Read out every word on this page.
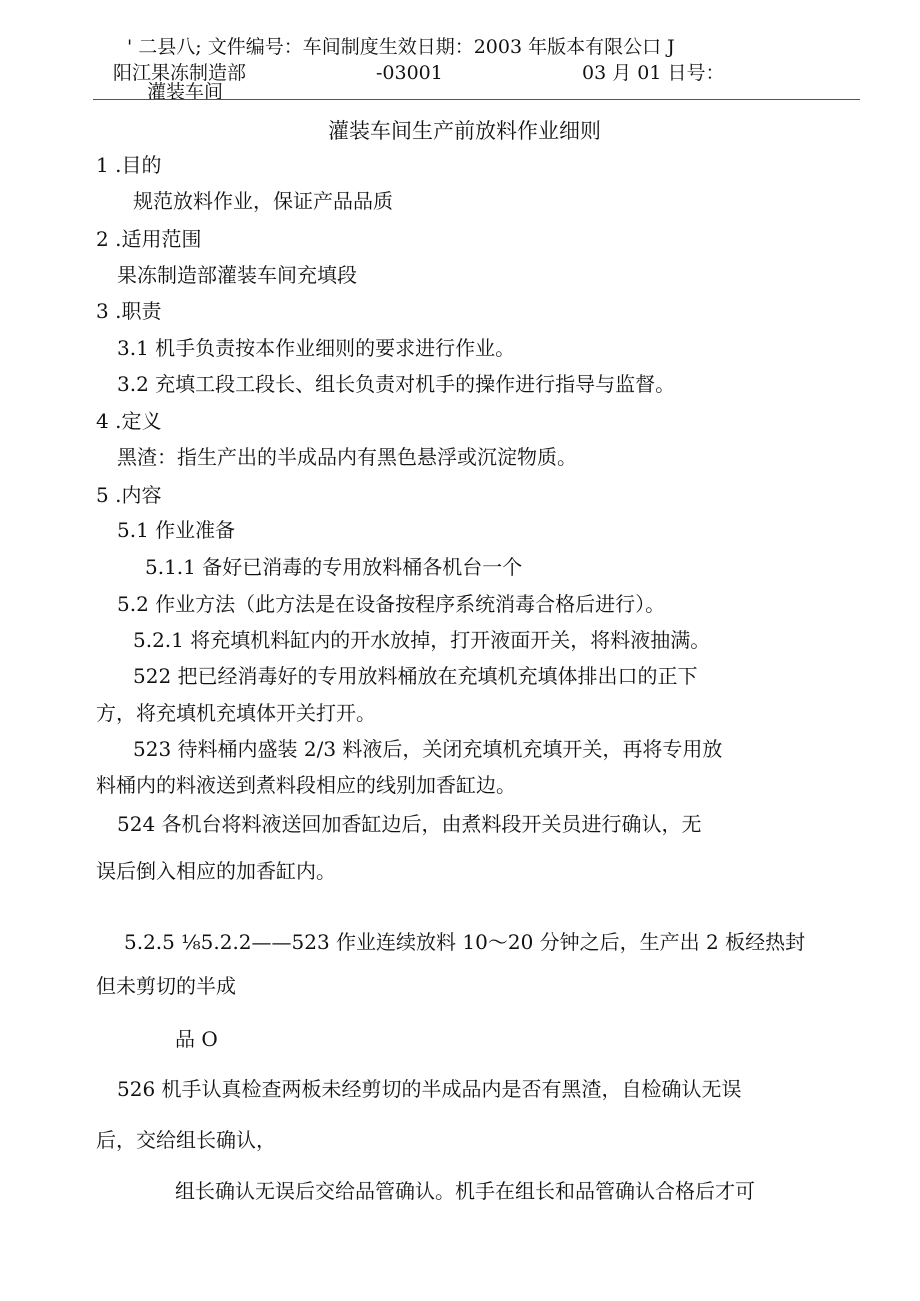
' 二县八; 文件编号：车间制度生效日期：2003 年版本有限公口 J
阳江果冻制造部	-03001	03 月 01 日号：
灌装车间
灌装车间生产前放料作业细则
1 .目的
规范放料作业，保证产品品质
2 .适用范围
果冻制造部灌装车间充填段
3 .职责
3.1 机手负责按本作业细则的要求进行作业。
3.2 充填工段工段长、组长负责对机手的操作进行指导与监督。
4 .定义
黑渣：指生产出的半成品内有黑色悬浮或沉淀物质。
5 .内容
5.1 作业准备
5.1.1 备好已消毒的专用放料桶各机台一个
5.2 作业方法（此方法是在设备按程序系统消毒合格后进行）。
5.2.1 将充填机料缸内的开水放掉，打开液面开关，将料液抽满。
522 把已经消毒好的专用放料桶放在充填机充填体排出口的正下
方，将充填机充填体开关打开。
523 待料桶内盛装 2/3 料液后，关闭充填机充填开关，再将专用放
料桶内的料液送到煮料段相应的线别加香缸边。
524 各机台将料液送回加香缸边后，由煮料段开关员进行确认，无
误后倒入相应的加香缸内。
5.2.5 ⅛5.2.2——523 作业连续放料 10～20 分钟之后，生产出 2 板经热封
但未剪切的半成
品 O
526 机手认真检查两板未经剪切的半成品内是否有黑渣，自检确认无误
后，交给组长确认，
组长确认无误后交给品管确认。机手在组长和品管确认合格后才可
